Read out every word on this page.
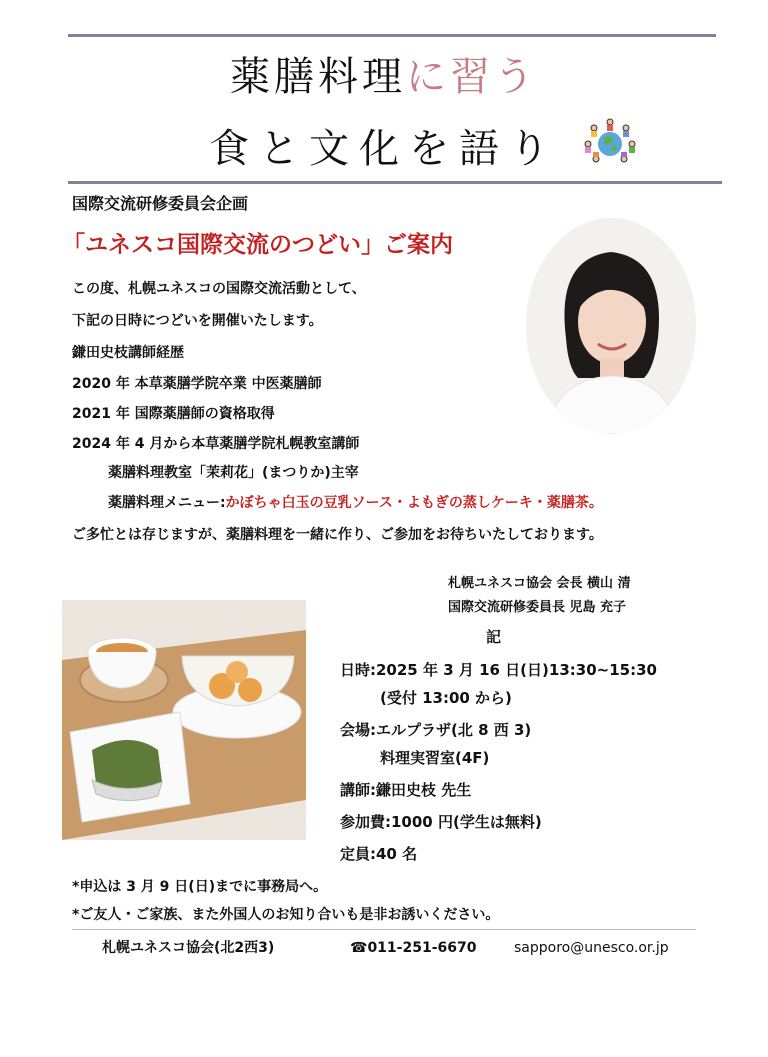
薬膳料理に習う
食と文化を語り
国際交流研修委員会企画
「ユネスコ国際交流のつどい」ご案内
この度、札幌ユネスコの国際交流活動として、
下記の日時につどいを開催いたします。
鎌田史枝講師経歴
2020 年 本草薬膳学院卒業 中医薬膳師
2021 年 国際薬膳師の資格取得
2024 年 4 月から本草薬膳学院札幌教室講師
薬膳料理教室「茉莉花」(まつりか)主宰
薬膳料理メニュー:かぼちゃ白玉の豆乳ソース・よもぎの蒸しケーキ・薬膳茶。
ご多忙とは存じますが、薬膳料理を一緒に作り、ご参加をお待ちいたしております。
札幌ユネスコ協会 会長 横山 清
国際交流研修委員長 児島 充子
記
日時:2025 年 3 月 16 日(日)13:30~15:30
(受付 13:00 から)
会場:エルプラザ(北 8 西 3)
料理実習室(4F)
講師:鎌田史枝 先生
参加費:1000 円(学生は無料)
定員:40 名
*申込は 3 月 9 日(日)までに事務局へ。
*ご友人・ご家族、また外国人のお知り合いも是非お誘いください。
札幌ユネスコ協会(北2西3)	☎011-251-6670	sapporo@unesco.or.jp
